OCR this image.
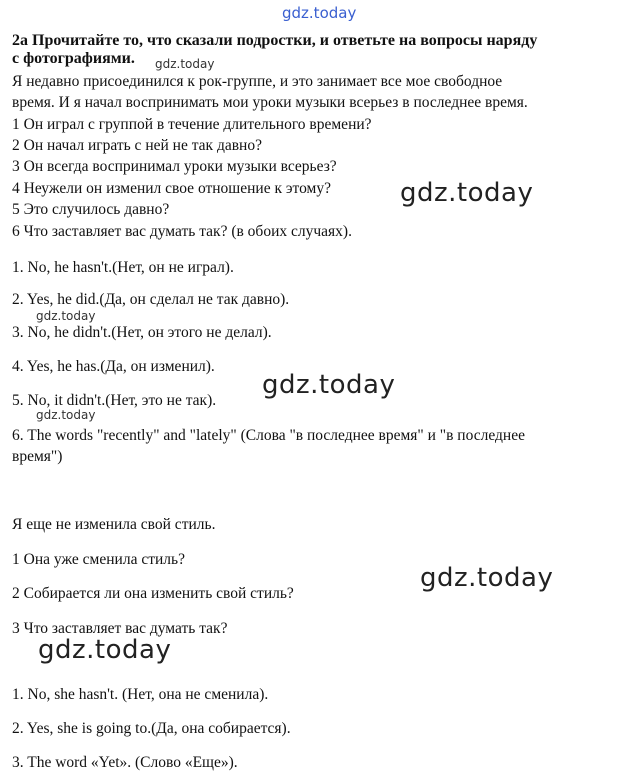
gdz.today
2a Прочитайте то, что сказали подростки, и ответьте на вопросы наряду
с фотографиями. gdz.today
Я недавно присоединился к рок-группе, и это занимает все мое свободное
время. И я начал воспринимать мои уроки музыки всерьез в последнее время.
1 Он играл с группой в течение длительного времени?
2 Он начал играть с ней не так давно?
3 Он всегда воспринимал уроки музыки всерьез?
4 Неужели он изменил свое отношение к этому?
5 Это случилось давно?
6 Что заставляет вас думать так? (в обоих случаях).
gdz.today
1. No, he hasn't.(Нет, он не играл).
2. Yes, he did.(Да, он сделал не так давно).
gdz.today
3. No, he didn't.(Нет, он этого не делал).
4. Yes, he has.(Да, он изменил).
gdz.today
5. No, it didn't.(Нет, это не так).
gdz.today
6. The words "recently" and "lately" (Слова "в последнее время" и "в последнее
время")
Я еще не изменила свой стиль.
1 Она уже сменила стиль?
gdz.today
2 Собирается ли она изменить свой стиль?
3 Что заставляет вас думать так?
gdz.today
1. No, she hasn't. (Нет, она не сменила).
2. Yes, she is going to.(Да, она собирается).
3. The word «Yet». (Слово «Еще»).
